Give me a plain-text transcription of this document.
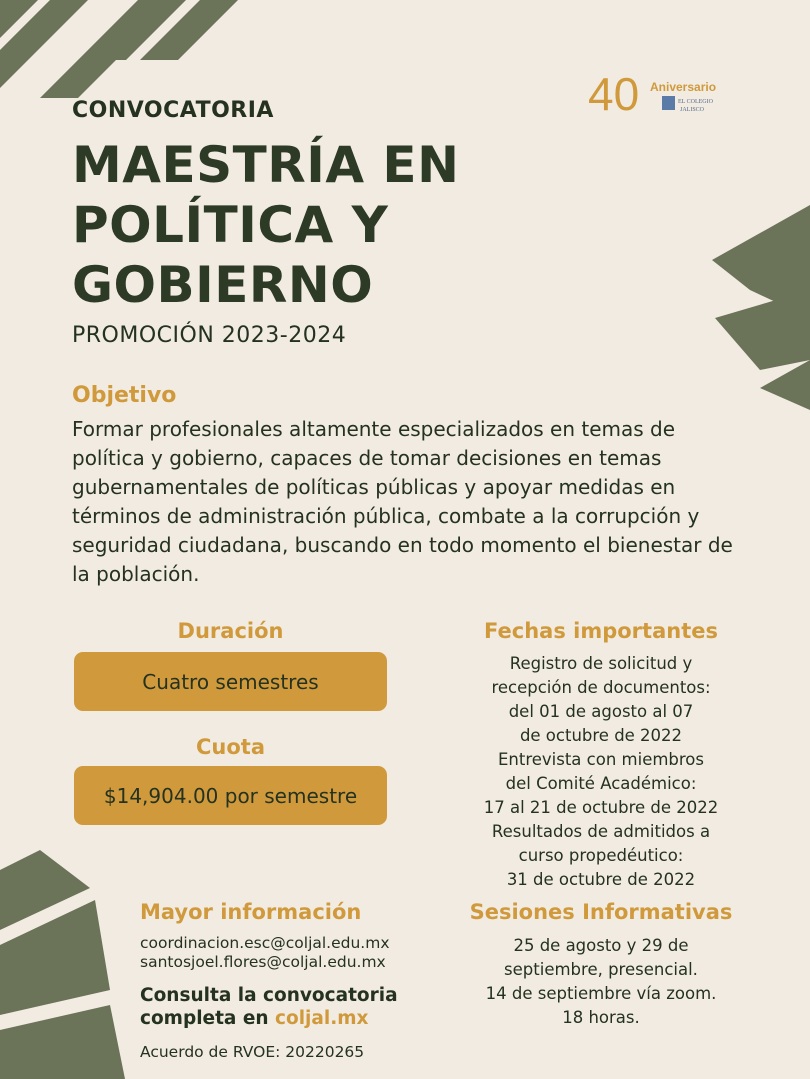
40 Aniversario
EL COLEGIO
JALISCO
CONVOCATORIA
MAESTRÍA EN
POLÍTICA Y
GOBIERNO
PROMOCIÓN 2023-2024
Objetivo
Formar profesionales altamente especializados en temas de política y gobierno, capaces de tomar decisiones en temas gubernamentales de políticas públicas y apoyar medidas en términos de administración pública, combate a la corrupción y seguridad ciudadana, buscando en todo momento el bienestar de la población.
Duración
Cuatro semestres
Cuota
$14,904.00 por semestre
Fechas importantes
Registro de solicitud y
recepción de documentos:
del 01 de agosto al 07
de octubre de 2022
Entrevista con miembros
del Comité Académico:
17 al 21 de octubre de 2022
Resultados de admitidos a
curso propedéutico:
31 de octubre de 2022
Mayor información
coordinacion.esc@coljal.edu.mx
santosjoel.flores@coljal.edu.mx
Consulta la convocatoria
completa en coljal.mx
Acuerdo de RVOE: 20220265
Sesiones Informativas
25 de agosto y 29 de
septiembre, presencial.
14 de septiembre vía zoom.
18 horas.
